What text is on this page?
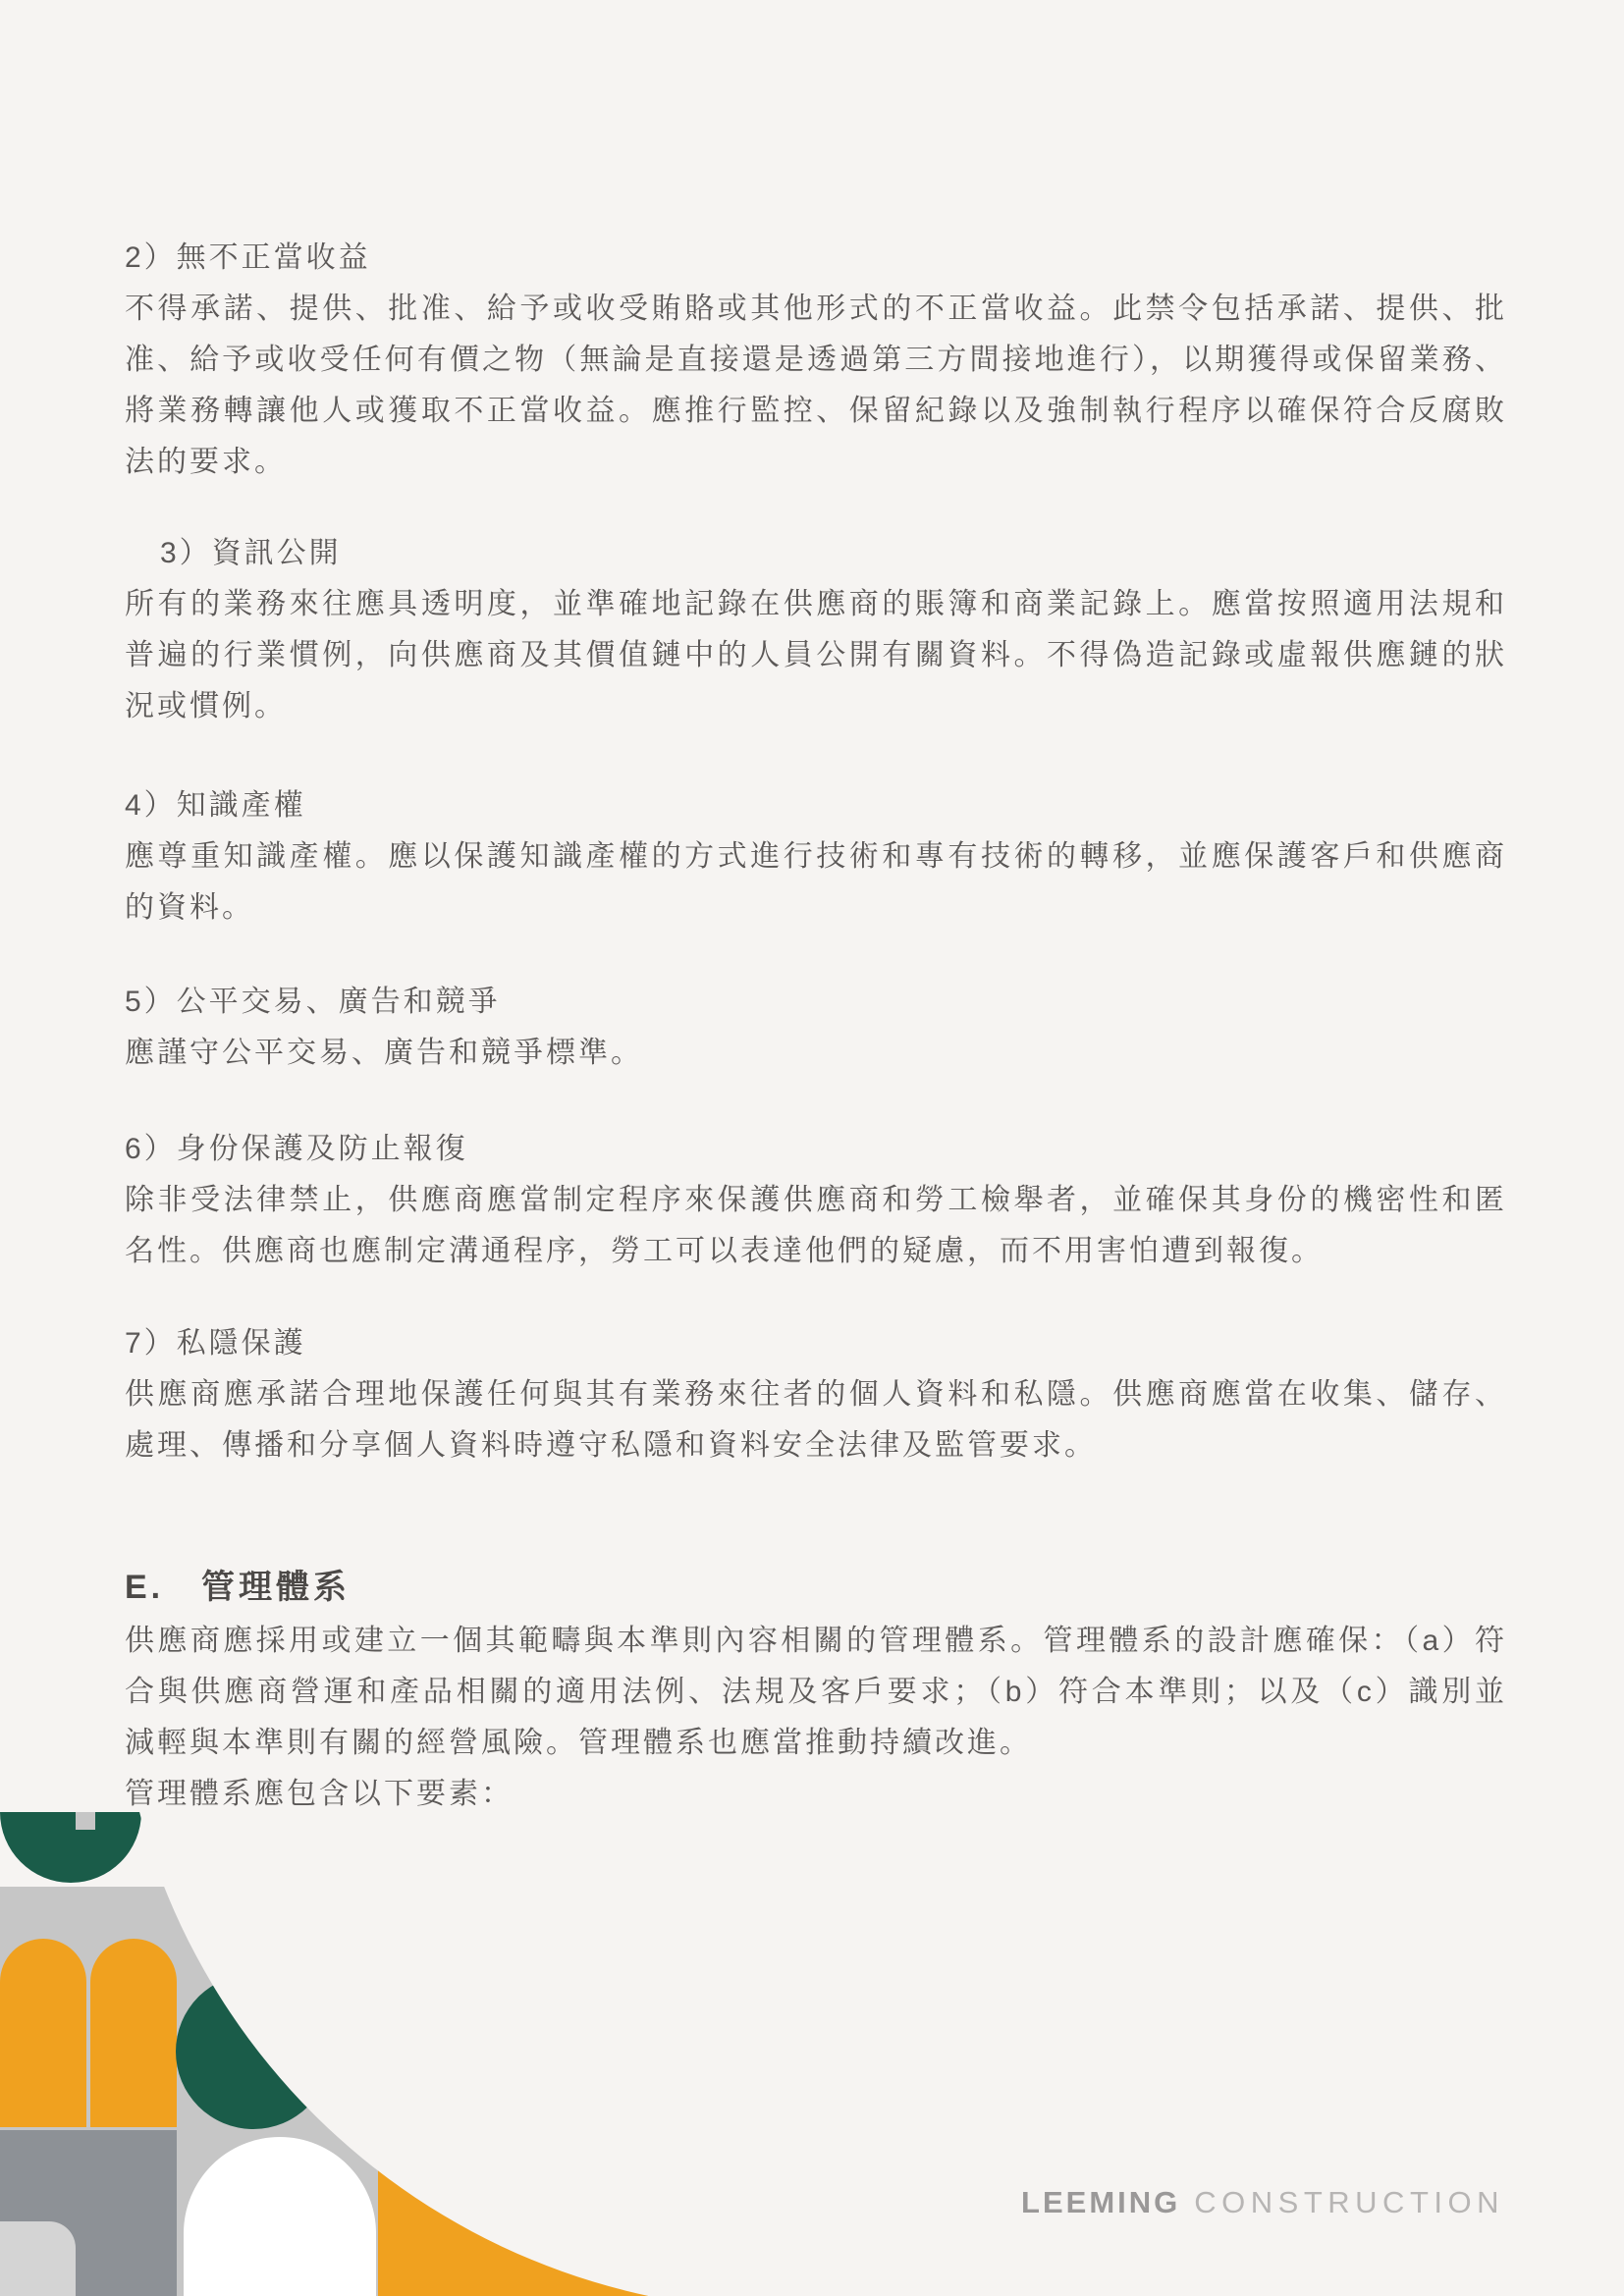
2）無不正當收益
不得承諾、提供、批准、給予或收受賄賂或其他形式的不正當收益。此禁令包括承諾、提供、批准、給予或收受任何有價之物（無論是直接還是透過第三方間接地進行），以期獲得或保留業務、將業務轉讓他人或獲取不正當收益。應推行監控、保留紀錄以及強制執行程序以確保符合反腐敗法的要求。
3）資訊公開
所有的業務來往應具透明度，並準確地記錄在供應商的賬簿和商業記錄上。應當按照適用法規和普遍的行業慣例，向供應商及其價值鏈中的人員公開有關資料。不得偽造記錄或虛報供應鏈的狀況或慣例。
4）知識產權
應尊重知識產權。應以保護知識產權的方式進行技術和專有技術的轉移，並應保護客戶和供應商的資料。
5）公平交易、廣告和競爭
應謹守公平交易、廣告和競爭標準。
6）身份保護及防止報復
除非受法律禁止，供應商應當制定程序來保護供應商和勞工檢舉者，並確保其身份的機密性和匿名性。供應商也應制定溝通程序，勞工可以表達他們的疑慮，而不用害怕遭到報復。
7）私隱保護
供應商應承諾合理地保護任何與其有業務來往者的個人資料和私隱。供應商應當在收集、儲存、處理、傳播和分享個人資料時遵守私隱和資料安全法律及監管要求。
E. 管理體系
供應商應採用或建立一個其範疇與本準則內容相關的管理體系。管理體系的設計應確保：（a）符合與供應商營運和產品相關的適用法例、法規及客戶要求；（b）符合本準則；以及（c）識別並減輕與本準則有關的經營風險。管理體系也應當推動持續改進。
管理體系應包含以下要素：
LEEMING CONSTRUCTION
